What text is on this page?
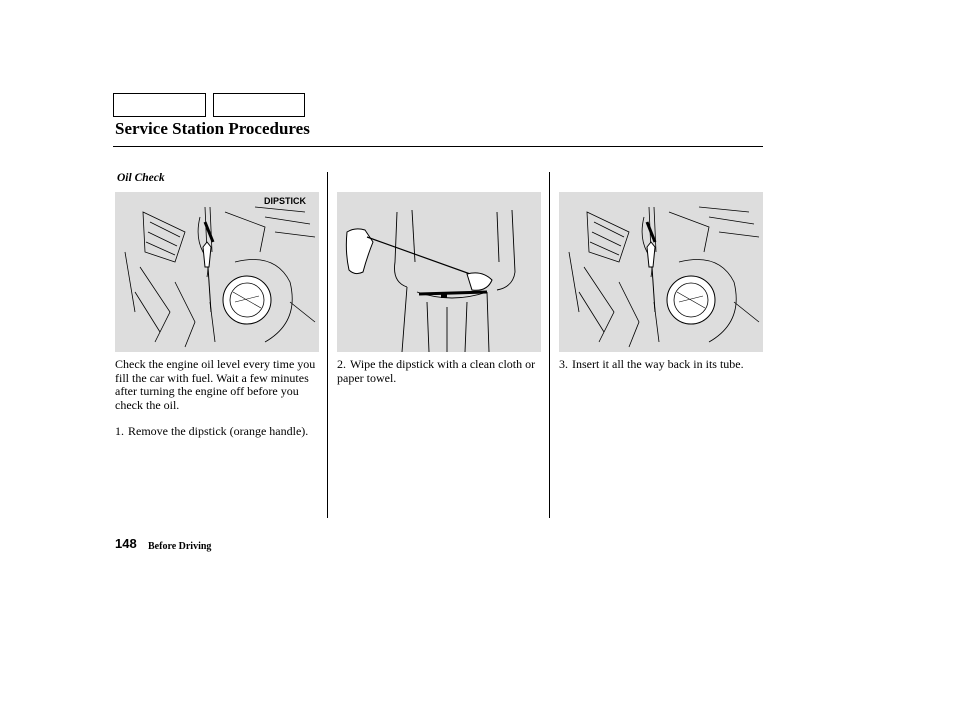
Service Station Procedures
Oil Check
DIPSTICK
Check the engine oil level every time you fill the car with fuel. Wait a few minutes after turning the engine off before you check the oil.
1. Remove the dipstick (orange handle).
2. Wipe the dipstick with a clean cloth or paper towel.
3. Insert it all the way back in its tube.
148 Before Driving
